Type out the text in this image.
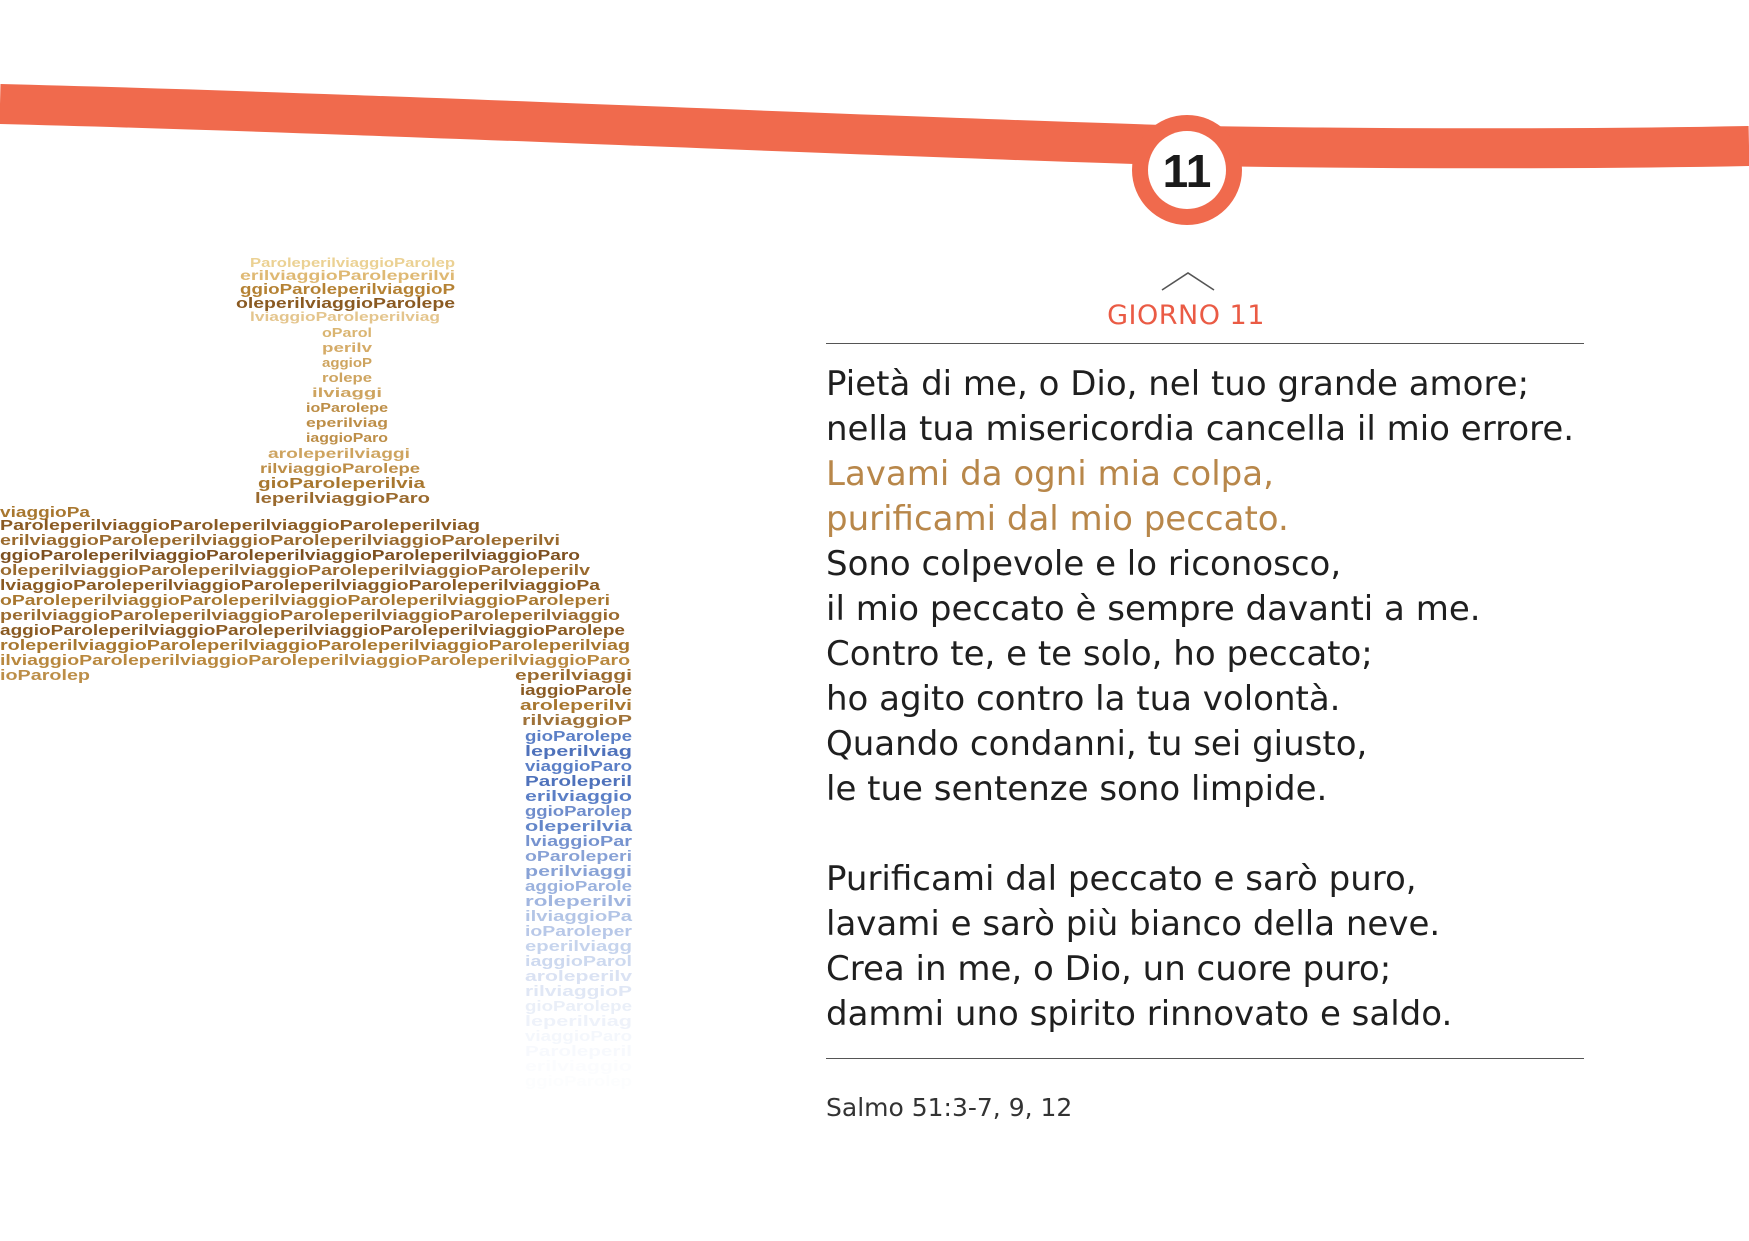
11
ParoleperilviaggioParolep
erilviaggioParoleperilvi
ggioParoleperilviaggioP
oleperilviaggioParolepe
lviaggioParoleperilviag
oParol
perilv
aggioP
rolepe
ilviaggi
ioParolepe
eperilviag
iaggioParo
aroleperilviaggi
rilviaggioParolepe
gioParoleperilvia
leperilviaggioParo
viaggioPa
ParoleperilviaggioParoleperilviaggioParoleperilviag
erilviaggioParoleperilviaggioParoleperilviaggioParoleperilvi
ggioParoleperilviaggioParoleperilviaggioParoleperilviaggioParo
oleperilviaggioParoleperilviaggioParoleperilviaggioParoleperilv
lviaggioParoleperilviaggioParoleperilviaggioParoleperilviaggioPa
oParoleperilviaggioParoleperilviaggioParoleperilviaggioParoleperi
perilviaggioParoleperilviaggioParoleperilviaggioParoleperilviaggio
aggioParoleperilviaggioParoleperilviaggioParoleperilviaggioParolepe
roleperilviaggioParoleperilviaggioParoleperilviaggioParoleperilviag
ilviaggioParoleperilviaggioParoleperilviaggioParoleperilviaggioParo
ioParolep	eperilviaggi
iaggioParole
aroleperilvi
rilviaggioP
gioParolepe
leperilviag
viaggioParo
Paroleperil
erilviaggio
ggioParolep
oleperilvia
lviaggioPar
oParoleperi
perilviaggi
aggioParole
roleperilvi
ilviaggioPa
ioParoleper
eperilviagg
iaggioParol
aroleperilv
rilviaggioP
gioParolepe
leperilviag
viaggioParo
Paroleperil
erilviaggio
ggioParolep
GIORNO 11
Pietà di me, o Dio, nel tuo grande amore;
nella tua misericordia cancella il mio errore.
Lavami da ogni mia colpa,
purificami dal mio peccato.
Sono colpevole e lo riconosco,
il mio peccato è sempre davanti a me.
Contro te, e te solo, ho peccato;
ho agito contro la tua volontà.
Quando condanni, tu sei giusto,
le tue sentenze sono limpide.
Purificami dal peccato e sarò puro,
lavami e sarò più bianco della neve.
Crea in me, o Dio, un cuore puro;
dammi uno spirito rinnovato e saldo.
Salmo 51:3-7, 9, 12
